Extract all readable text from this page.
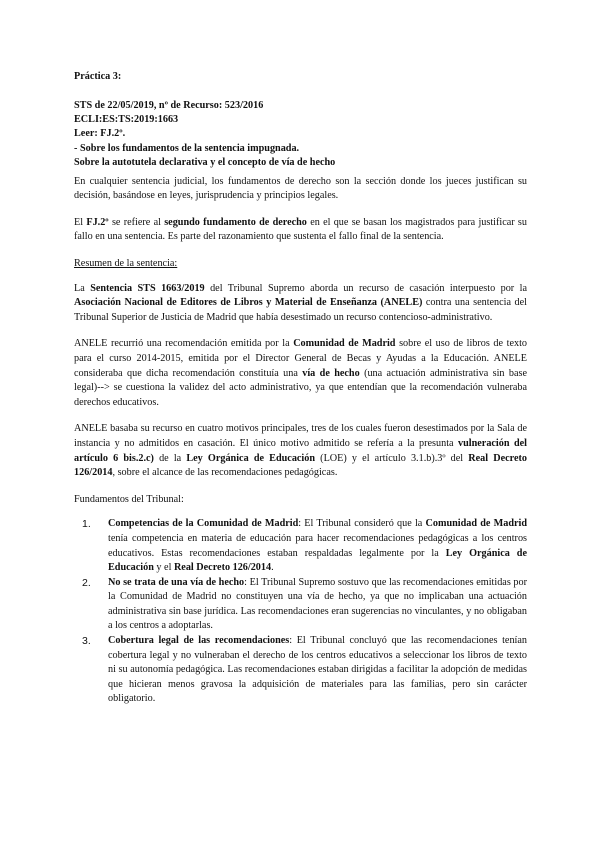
Práctica 3:
STS de 22/05/2019, nº de Recurso: 523/2016
ECLI:ES:TS:2019:1663
Leer: FJ.2º.
- Sobre los fundamentos de la sentencia impugnada.
Sobre la autotutela declarativa y el concepto de vía de hecho

En cualquier sentencia judicial, los fundamentos de derecho son la sección donde los jueces justifican su decisión, basándose en leyes, jurisprudencia y principios legales.

El FJ.2º se refiere al segundo fundamento de derecho en el que se basan los magistrados para justificar su fallo en una sentencia. Es parte del razonamiento que sustenta el fallo final de la sentencia.

Resumen de la sentencia:

La Sentencia STS 1663/2019 del Tribunal Supremo aborda un recurso de casación interpuesto por la Asociación Nacional de Editores de Libros y Material de Enseñanza (ANELE) contra una sentencia del Tribunal Superior de Justicia de Madrid que había desestimado un recurso contencioso-administrativo.

ANELE recurrió una recomendación emitida por la Comunidad de Madrid sobre el uso de libros de texto para el curso 2014-2015, emitida por el Director General de Becas y Ayudas a la Educación. ANELE consideraba que dicha recomendación constituía una vía de hecho (una actuación administrativa sin base legal)--> se cuestiona la validez del acto administrativo, ya que entendían que la recomendación vulneraba derechos educativos.

ANELE basaba su recurso en cuatro motivos principales, tres de los cuales fueron desestimados por la Sala de instancia y no admitidos en casación. El único motivo admitido se refería a la presunta vulneración del artículo 6 bis.2.c) de la Ley Orgánica de Educación (LOE) y el artículo 3.1.b).3º del Real Decreto 126/2014, sobre el alcance de las recomendaciones pedagógicas.

Fundamentos del Tribunal:

1. Competencias de la Comunidad de Madrid: El Tribunal consideró que la Comunidad de Madrid tenía competencia en materia de educación para hacer recomendaciones pedagógicas a los centros educativos. Estas recomendaciones estaban respaldadas legalmente por la Ley Orgánica de Educación y el Real Decreto 126/2014.
2. No se trata de una vía de hecho: El Tribunal Supremo sostuvo que las recomendaciones emitidas por la Comunidad de Madrid no constituyen una vía de hecho, ya que no implicaban una actuación administrativa sin base jurídica. Las recomendaciones eran sugerencias no vinculantes, y no obligaban a los centros a adoptarlas.
3. Cobertura legal de las recomendaciones: El Tribunal concluyó que las recomendaciones tenían cobertura legal y no vulneraban el derecho de los centros educativos a seleccionar los libros de texto ni su autonomía pedagógica. Las recomendaciones estaban dirigidas a facilitar la adopción de medidas que hicieran menos gravosa la adquisición de materiales para las familias, pero sin carácter obligatorio.
